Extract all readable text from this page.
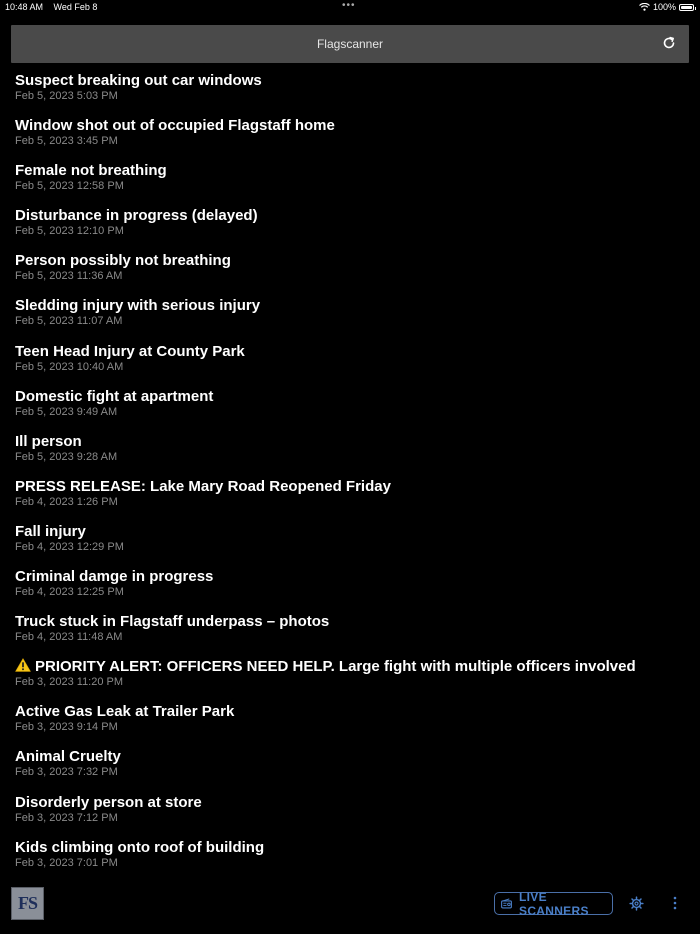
10:48 AM Wed Feb 8	•••	100%
Flagscanner
Suspect breaking out car windows
Feb 5, 2023 5:03 PM
Window shot out of occupied Flagstaff home
Feb 5, 2023 3:45 PM
Female not breathing
Feb 5, 2023 12:58 PM
Disturbance in progress (delayed)
Feb 5, 2023 12:10 PM
Person possibly not breathing
Feb 5, 2023 11:36 AM
Sledding injury with serious injury
Feb 5, 2023 11:07 AM
Teen Head Injury at County Park
Feb 5, 2023 10:40 AM
Domestic fight at apartment
Feb 5, 2023 9:49 AM
Ill person
Feb 5, 2023 9:28 AM
PRESS RELEASE: Lake Mary Road Reopened Friday
Feb 4, 2023 1:26 PM
Fall injury
Feb 4, 2023 12:29 PM
Criminal damge in progress
Feb 4, 2023 12:25 PM
Truck stuck in Flagstaff underpass – photos
Feb 4, 2023 11:48 AM
PRIORITY ALERT: OFFICERS NEED HELP. Large fight with multiple officers involved
Feb 3, 2023 11:20 PM
Active Gas Leak at Trailer Park
Feb 3, 2023 9:14 PM
Animal Cruelty
Feb 3, 2023 7:32 PM
Disorderly person at store
Feb 3, 2023 7:12 PM
Kids climbing onto roof of building
Feb 3, 2023 7:01 PM
FS	LIVE SCANNERS
